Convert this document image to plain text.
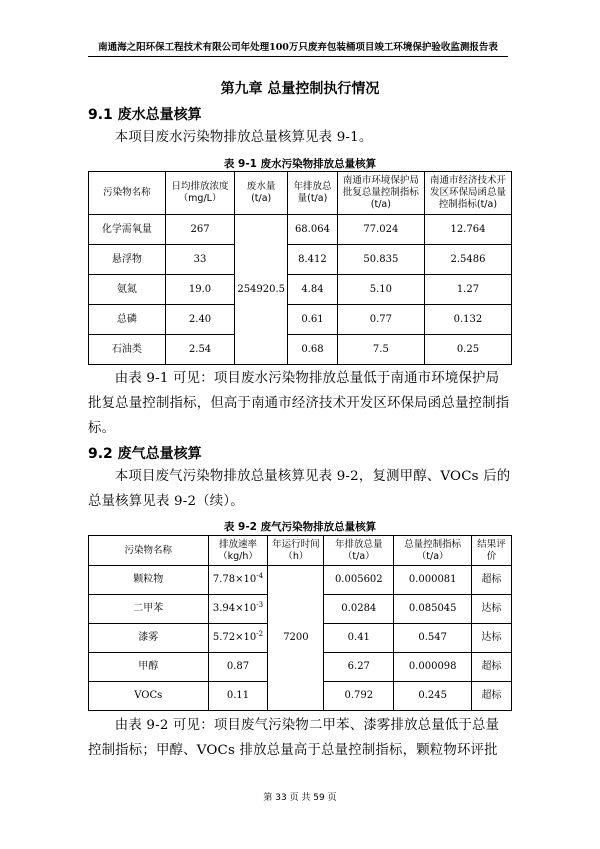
南通海之阳环保工程技术有限公司年处理100万只废弃包装桶项目竣工环境保护验收监测报告表
第九章 总量控制执行情况
9.1 废水总量核算

本项目废水污染物排放总量核算见表 9-1。

表 9-1 废水污染物排放总量核算
污染物名称	日均排放浓度（mg/L）	废水量(t/a)	年排放总量(t/a)	南通市环境保护局批复总量控制指标(t/a)	南通市经济技术开发区环保局函总量控制指标(t/a)
化学需氧量	267	254920.5	68.064	77.024	12.764
悬浮物	33		8.412	50.835	2.5486
氨氮	19.0		4.84	5.10	1.27
总磷	2.40		0.61	0.77	0.132
石油类	2.54		0.68	7.5	0.25

由表 9-1 可见：项目废水污染物排放总量低于南通市环境保护局批复总量控制指标，但高于南通市经济技术开发区环保局函总量控制指标。

9.2 废气总量核算

本项目废气污染物排放总量核算见表 9-2，复测甲醇、VOCs 后的总量核算见表 9-2（续）。

表 9-2 废气污染物排放总量核算
污染物名称	排放速率（kg/h）	年运行时间（h）	年排放总量（t/a）	总量控制指标（t/a）	结果评价
颗粒物	$7.78\times 10^{-4}$	7200	0.005602	0.000081	超标
二甲苯	$3.94\times 10^{-3}$		0.0284	0.085045	达标
漆雾	$5.72\times 10^{-2}$		0.41	0.547	达标
甲醇	0.87		6.27	0.000098	超标
VOCs	0.11		0.792	0.245	超标

由表 9-2 可见：项目废气污染物二甲苯、漆雾排放总量低于总量控制指标；甲醇、VOCs 排放总量高于总量控制指标，颗粒物环评批

第 33 页 共 59 页
